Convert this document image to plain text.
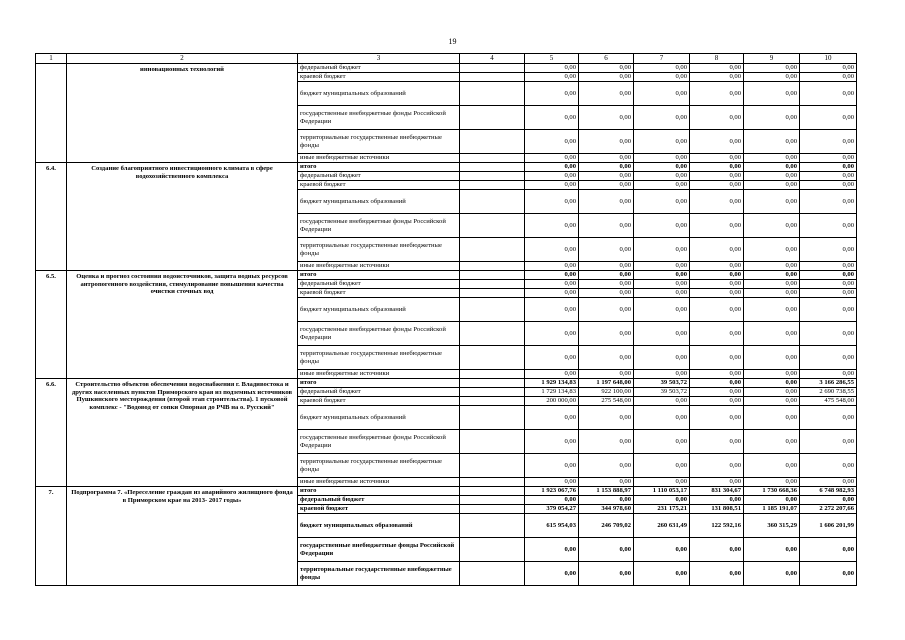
19
1	2	3	4	5	6	7	8	9	10
	инновационных технологий	федеральный бюджет		0,00	0,00	0,00	0,00	0,00	0,00
		краевой бюджет		0,00	0,00	0,00	0,00	0,00	0,00
		бюджет муниципальных образований		0,00	0,00	0,00	0,00	0,00	0,00
		государственные внебюджетные фонды Российской Федерации		0,00	0,00	0,00	0,00	0,00	0,00
		территориальные государственные внебюджетные фонды		0,00	0,00	0,00	0,00	0,00	0,00
		иные внебюджетные источники		0,00	0,00	0,00	0,00	0,00	0,00
6.4.	Создание благоприятного инвестиционного климата в сфере водохозяйственного комплекса	итого		0,00	0,00	0,00	0,00	0,00	0,00
		федеральный бюджет		0,00	0,00	0,00	0,00	0,00	0,00
		краевой бюджет		0,00	0,00	0,00	0,00	0,00	0,00
		бюджет муниципальных образований		0,00	0,00	0,00	0,00	0,00	0,00
		государственные внебюджетные фонды Российской Федерации		0,00	0,00	0,00	0,00	0,00	0,00
		территориальные государственные внебюджетные фонды		0,00	0,00	0,00	0,00	0,00	0,00
		иные внебюджетные источники		0,00	0,00	0,00	0,00	0,00	0,00
6.5.	Оценка и прогноз состояния водоисточников, защита водных ресурсов антропогенного воздействия, стимулирование повышения качества очистки сточных вод	итого		0,00	0,00	0,00	0,00	0,00	0,00
		федеральный бюджет		0,00	0,00	0,00	0,00	0,00	0,00
		краевой бюджет		0,00	0,00	0,00	0,00	0,00	0,00
		бюджет муниципальных образований		0,00	0,00	0,00	0,00	0,00	0,00
		государственные внебюджетные фонды Российской Федерации		0,00	0,00	0,00	0,00	0,00	0,00
		территориальные государственные внебюджетные фонды		0,00	0,00	0,00	0,00	0,00	0,00
		иные внебюджетные источники		0,00	0,00	0,00	0,00	0,00	0,00
6.6.	Строительство объектов обеспечения водоснабжения г. Владивостока и других населенных пунктов Приморского края из подземных источников Пушкинского месторождения (второй этап строительства). 1 пусковой комплекс - "Водовод от сопки Опорная до РЧВ на о. Русский"	итого		1 929 134,83	1 197 648,00	39 503,72	0,00	0,00	3 166 286,55
		федеральный бюджет		1 729 134,83	922 100,00	39 503,72	0,00	0,00	2 690 738,55
		краевой бюджет		200 000,00	275 548,00	0,00	0,00	0,00	475 548,00
		бюджет муниципальных образований		0,00	0,00	0,00	0,00	0,00	0,00
		государственные внебюджетные фонды Российской Федерации		0,00	0,00	0,00	0,00	0,00	0,00
		территориальные государственные внебюджетные фонды		0,00	0,00	0,00	0,00	0,00	0,00
		иные внебюджетные источники		0,00	0,00	0,00	0,00	0,00	0,00
7.	Подпрограмма 7. «Переселение граждан из аварийного жилищного фонда в Приморском крае на 2013- 2017 годы»	итого		1 923 067,76	1 153 888,97	1 110 053,17	831 304,67	1 730 668,36	6 748 982,93
		федеральный бюджет		0,00	0,00	0,00	0,00	0,00	0,00
		краевой бюджет		379 054,27	344 978,60	231 175,21	131 808,51	1 185 191,07	2 272 207,66
		бюджет муниципальных образований		615 954,03	246 709,02	260 631,49	122 592,16	360 315,29	1 606 201,99
		государственные внебюджетные фонды Российской Федерации		0,00	0,00	0,00	0,00	0,00	0,00
		территориальные государственные внебюджетные фонды		0,00	0,00	0,00	0,00	0,00	0,00
